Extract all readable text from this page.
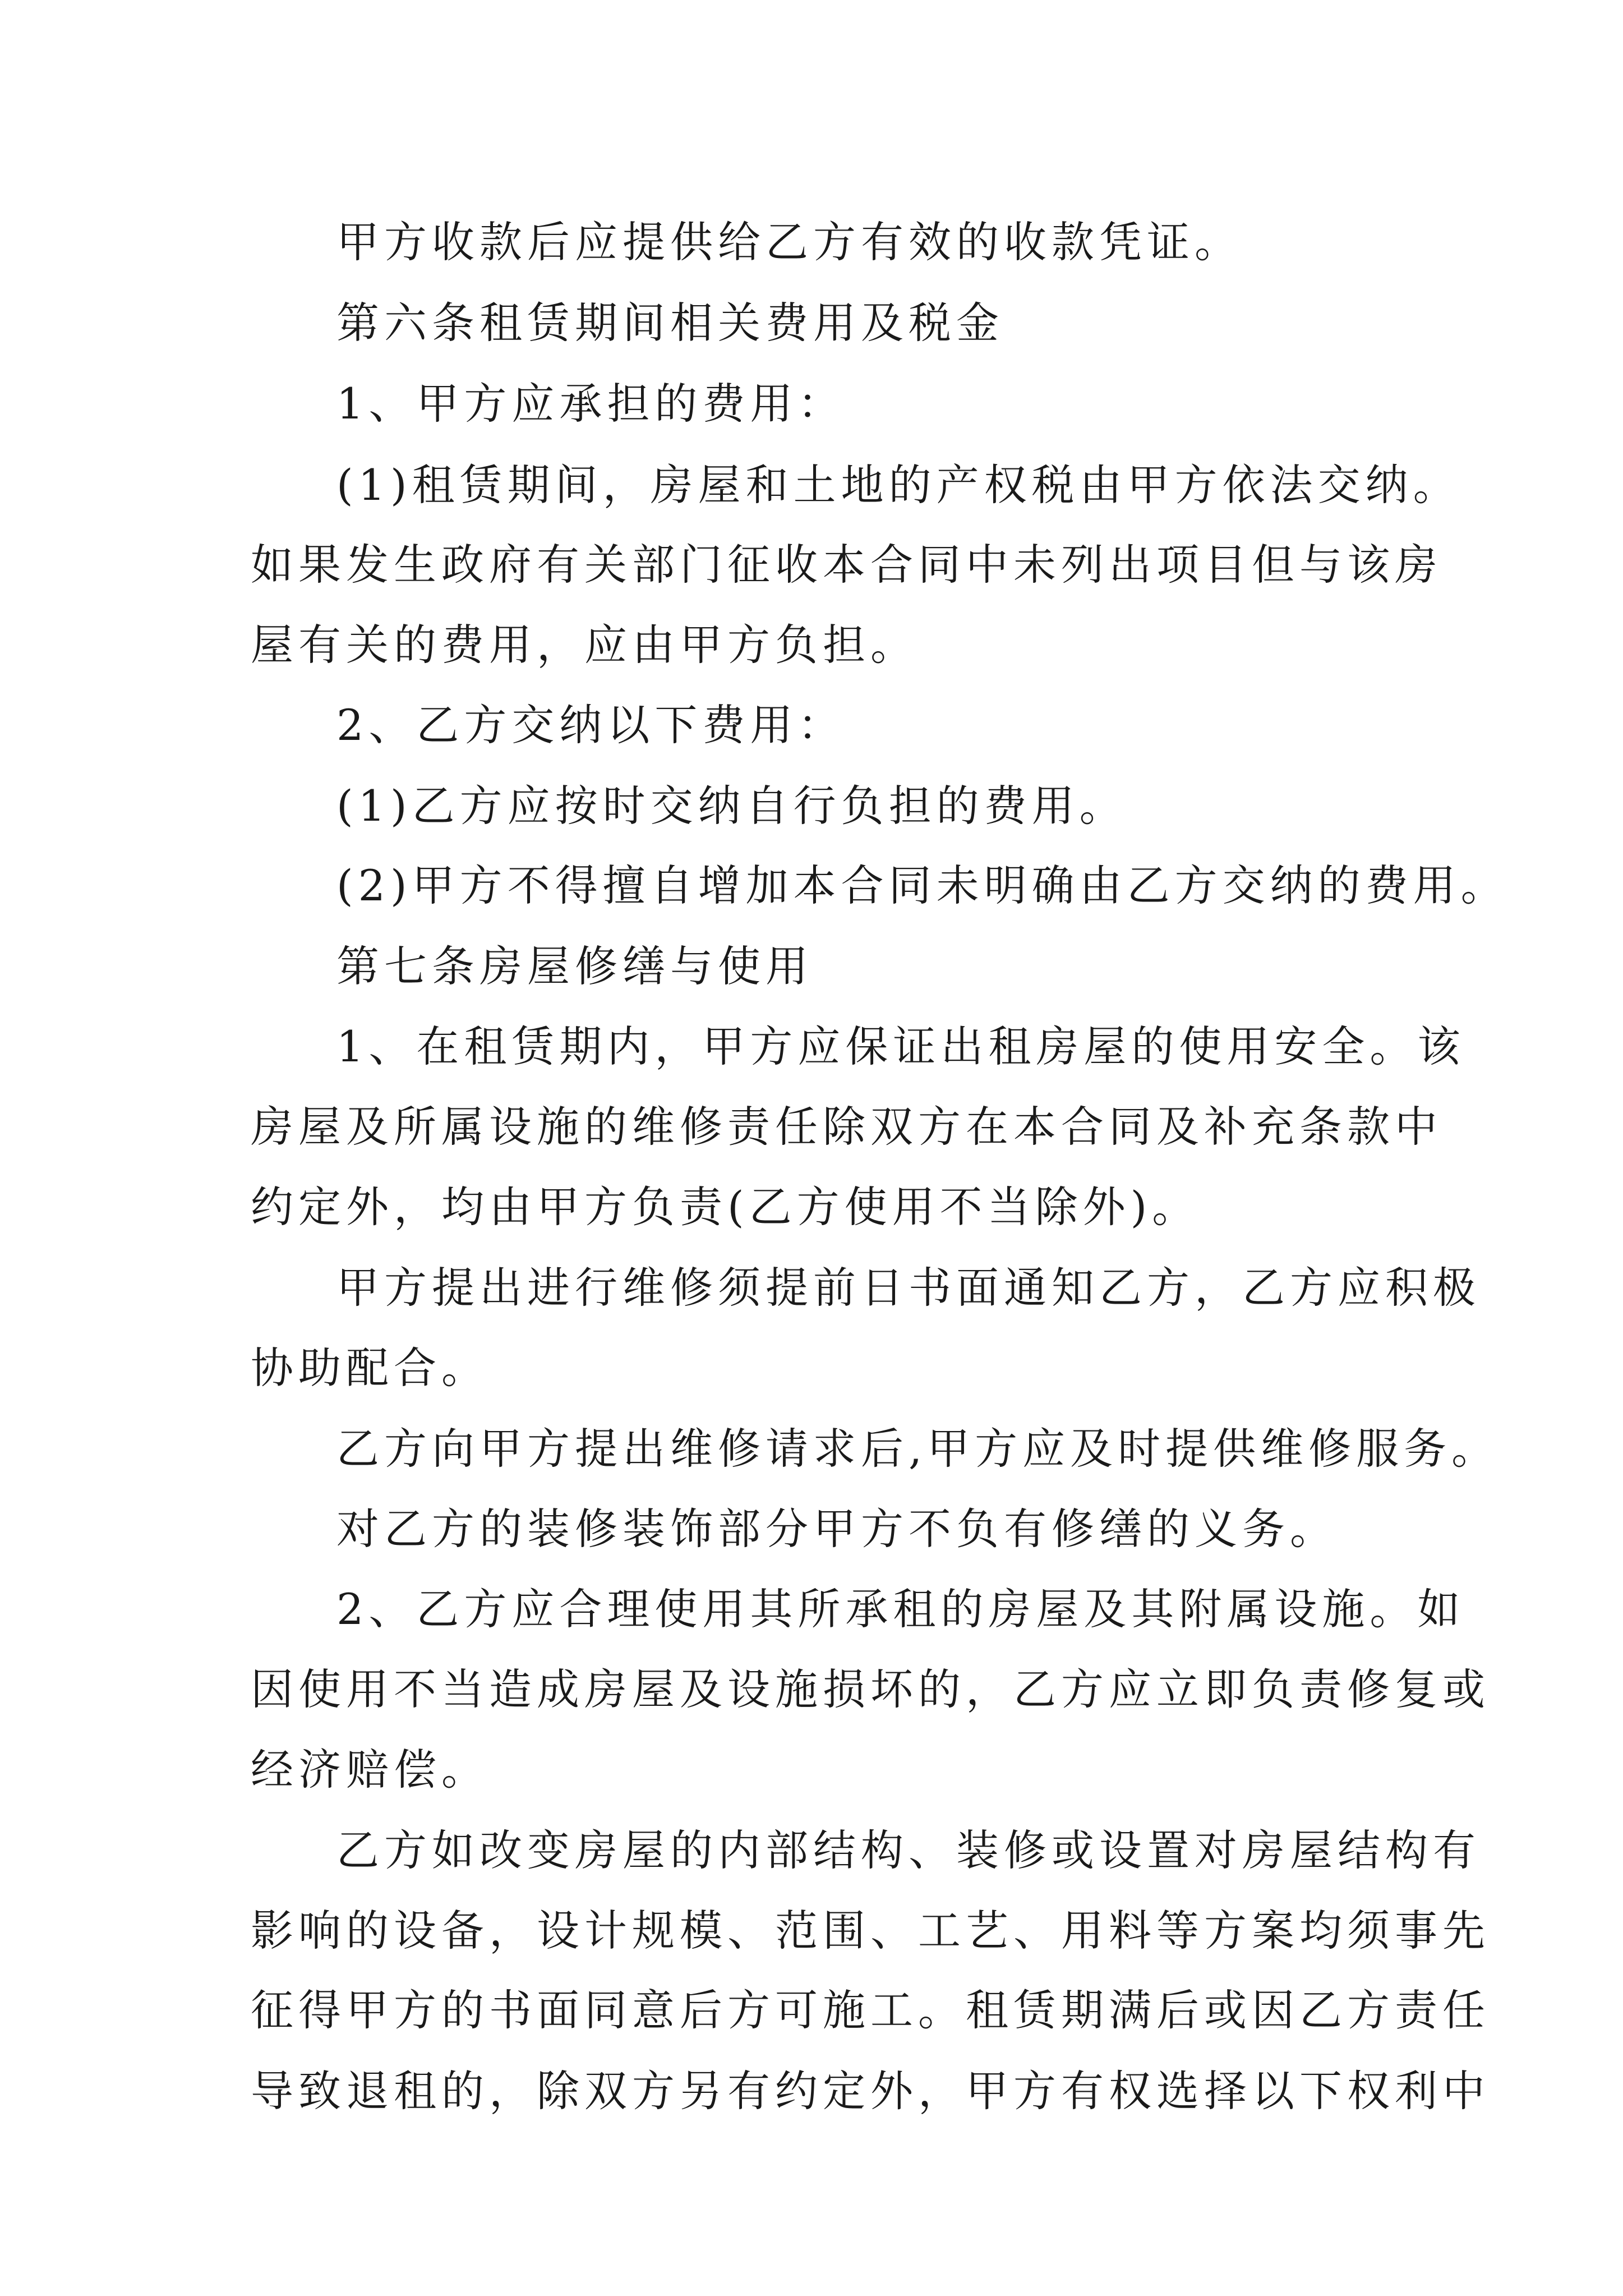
甲方收款后应提供给乙方有效的收款凭证。
第六条租赁期间相关费用及税金
1、甲方应承担的费用：
(1)租赁期间，房屋和土地的产权税由甲方依法交纳。
如果发生政府有关部门征收本合同中未列出项目但与该房
屋有关的费用，应由甲方负担。
2、乙方交纳以下费用：
(1)乙方应按时交纳自行负担的费用。
(2)甲方不得擅自增加本合同未明确由乙方交纳的费用。
第七条房屋修缮与使用
1、在租赁期内，甲方应保证出租房屋的使用安全。该
房屋及所属设施的维修责任除双方在本合同及补充条款中
约定外，均由甲方负责(乙方使用不当除外)。
甲方提出进行维修须提前日书面通知乙方，乙方应积极
协助配合。
乙方向甲方提出维修请求后,甲方应及时提供维修服务。
对乙方的装修装饰部分甲方不负有修缮的义务。
2、乙方应合理使用其所承租的房屋及其附属设施。如
因使用不当造成房屋及设施损坏的，乙方应立即负责修复或
经济赔偿。
乙方如改变房屋的内部结构、装修或设置对房屋结构有
影响的设备，设计规模、范围、工艺、用料等方案均须事先
征得甲方的书面同意后方可施工。租赁期满后或因乙方责任
导致退租的，除双方另有约定外，甲方有权选择以下权利中
